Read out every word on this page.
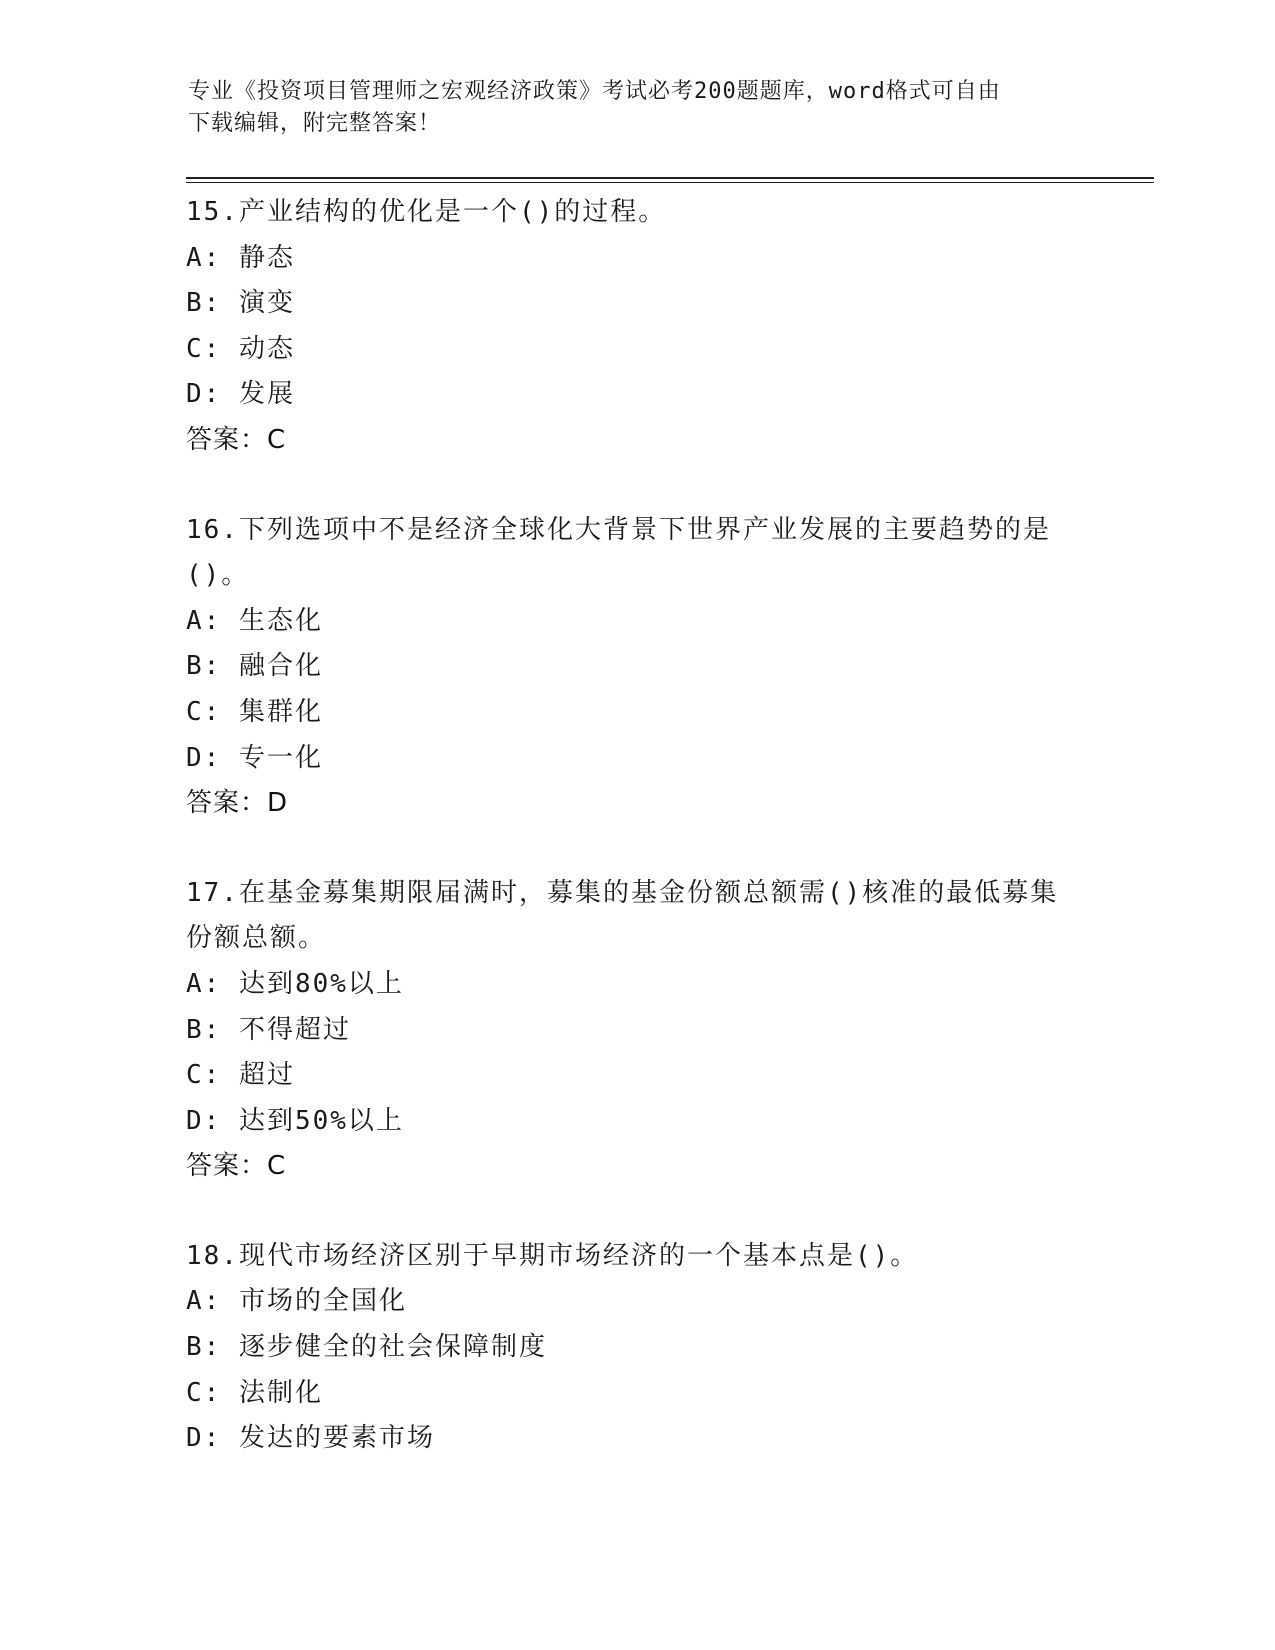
专业《投资项目管理师之宏观经济政策》考试必考200题题库，word格式可自由
下载编辑，附完整答案！
15.产业结构的优化是一个()的过程。
A: 静态
B: 演变
C: 动态
D: 发展
答案：C
16.下列选项中不是经济全球化大背景下世界产业发展的主要趋势的是()。
A: 生态化
B: 融合化
C: 集群化
D: 专一化
答案：D
17.在基金募集期限届满时，募集的基金份额总额需()核准的最低募集份额总额。
A: 达到80%以上
B: 不得超过
C: 超过
D: 达到50%以上
答案：C
18.现代市场经济区别于早期市场经济的一个基本点是()。
A: 市场的全国化
B: 逐步健全的社会保障制度
C: 法制化
D: 发达的要素市场
